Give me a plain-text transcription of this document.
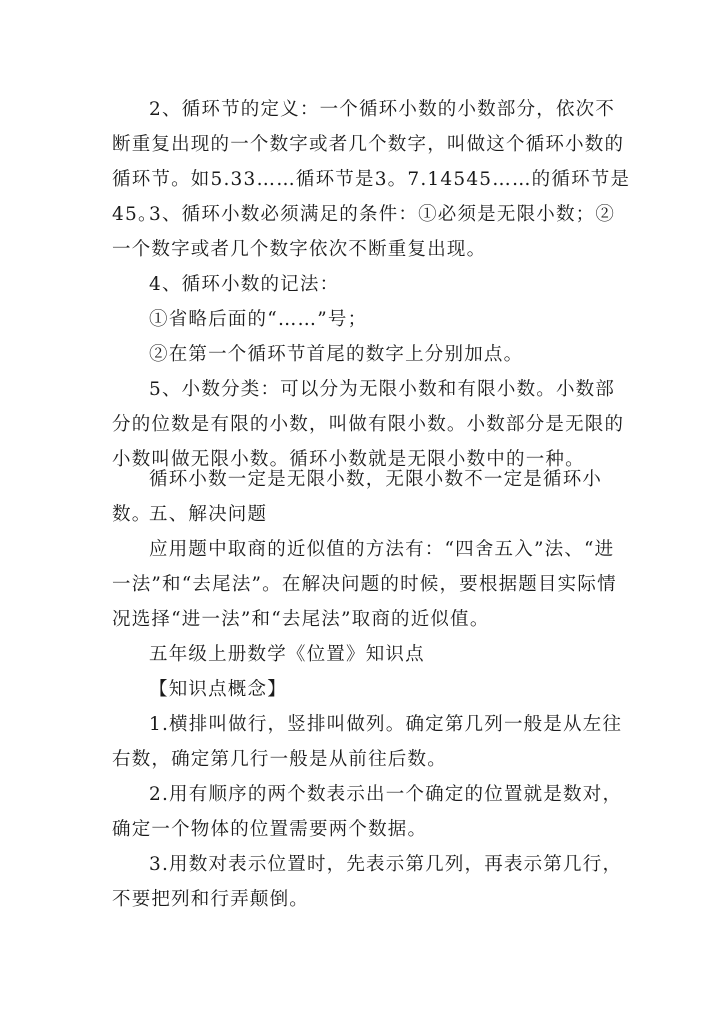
2、循环节的定义：一个循环小数的小数部分，依次不断重复出现的一个数字或者几个数字，叫做这个循环小数的循环节。如5.33……循环节是3。7.14545……的循环节是45。

3、循环小数必须满足的条件：①必须是无限小数；②一个数字或者几个数字依次不断重复出现。

4、循环小数的记法：

①省略后面的“……”号；

②在第一个循环节首尾的数字上分别加点。

5、小数分类：可以分为无限小数和有限小数。小数部分的位数是有限的小数，叫做有限小数。小数部分是无限的小数叫做无限小数。循环小数就是无限小数中的一种。

循环小数一定是无限小数，无限小数不一定是循环小数。

五、解决问题

应用题中取商的近似值的方法有：“四舍五入”法、“进一法”和“去尾法”。在解决问题的时候，要根据题目实际情况选择“进一法”和“去尾法”取商的近似值。

五年级上册数学《位置》知识点

【知识点概念】

1.横排叫做行，竖排叫做列。确定第几列一般是从左往右数，确定第几行一般是从前往后数。

2.用有顺序的两个数表示出一个确定的位置就是数对，确定一个物体的位置需要两个数据。

3.用数对表示位置时，先表示第几列，再表示第几行，不要把列和行弄颠倒。
